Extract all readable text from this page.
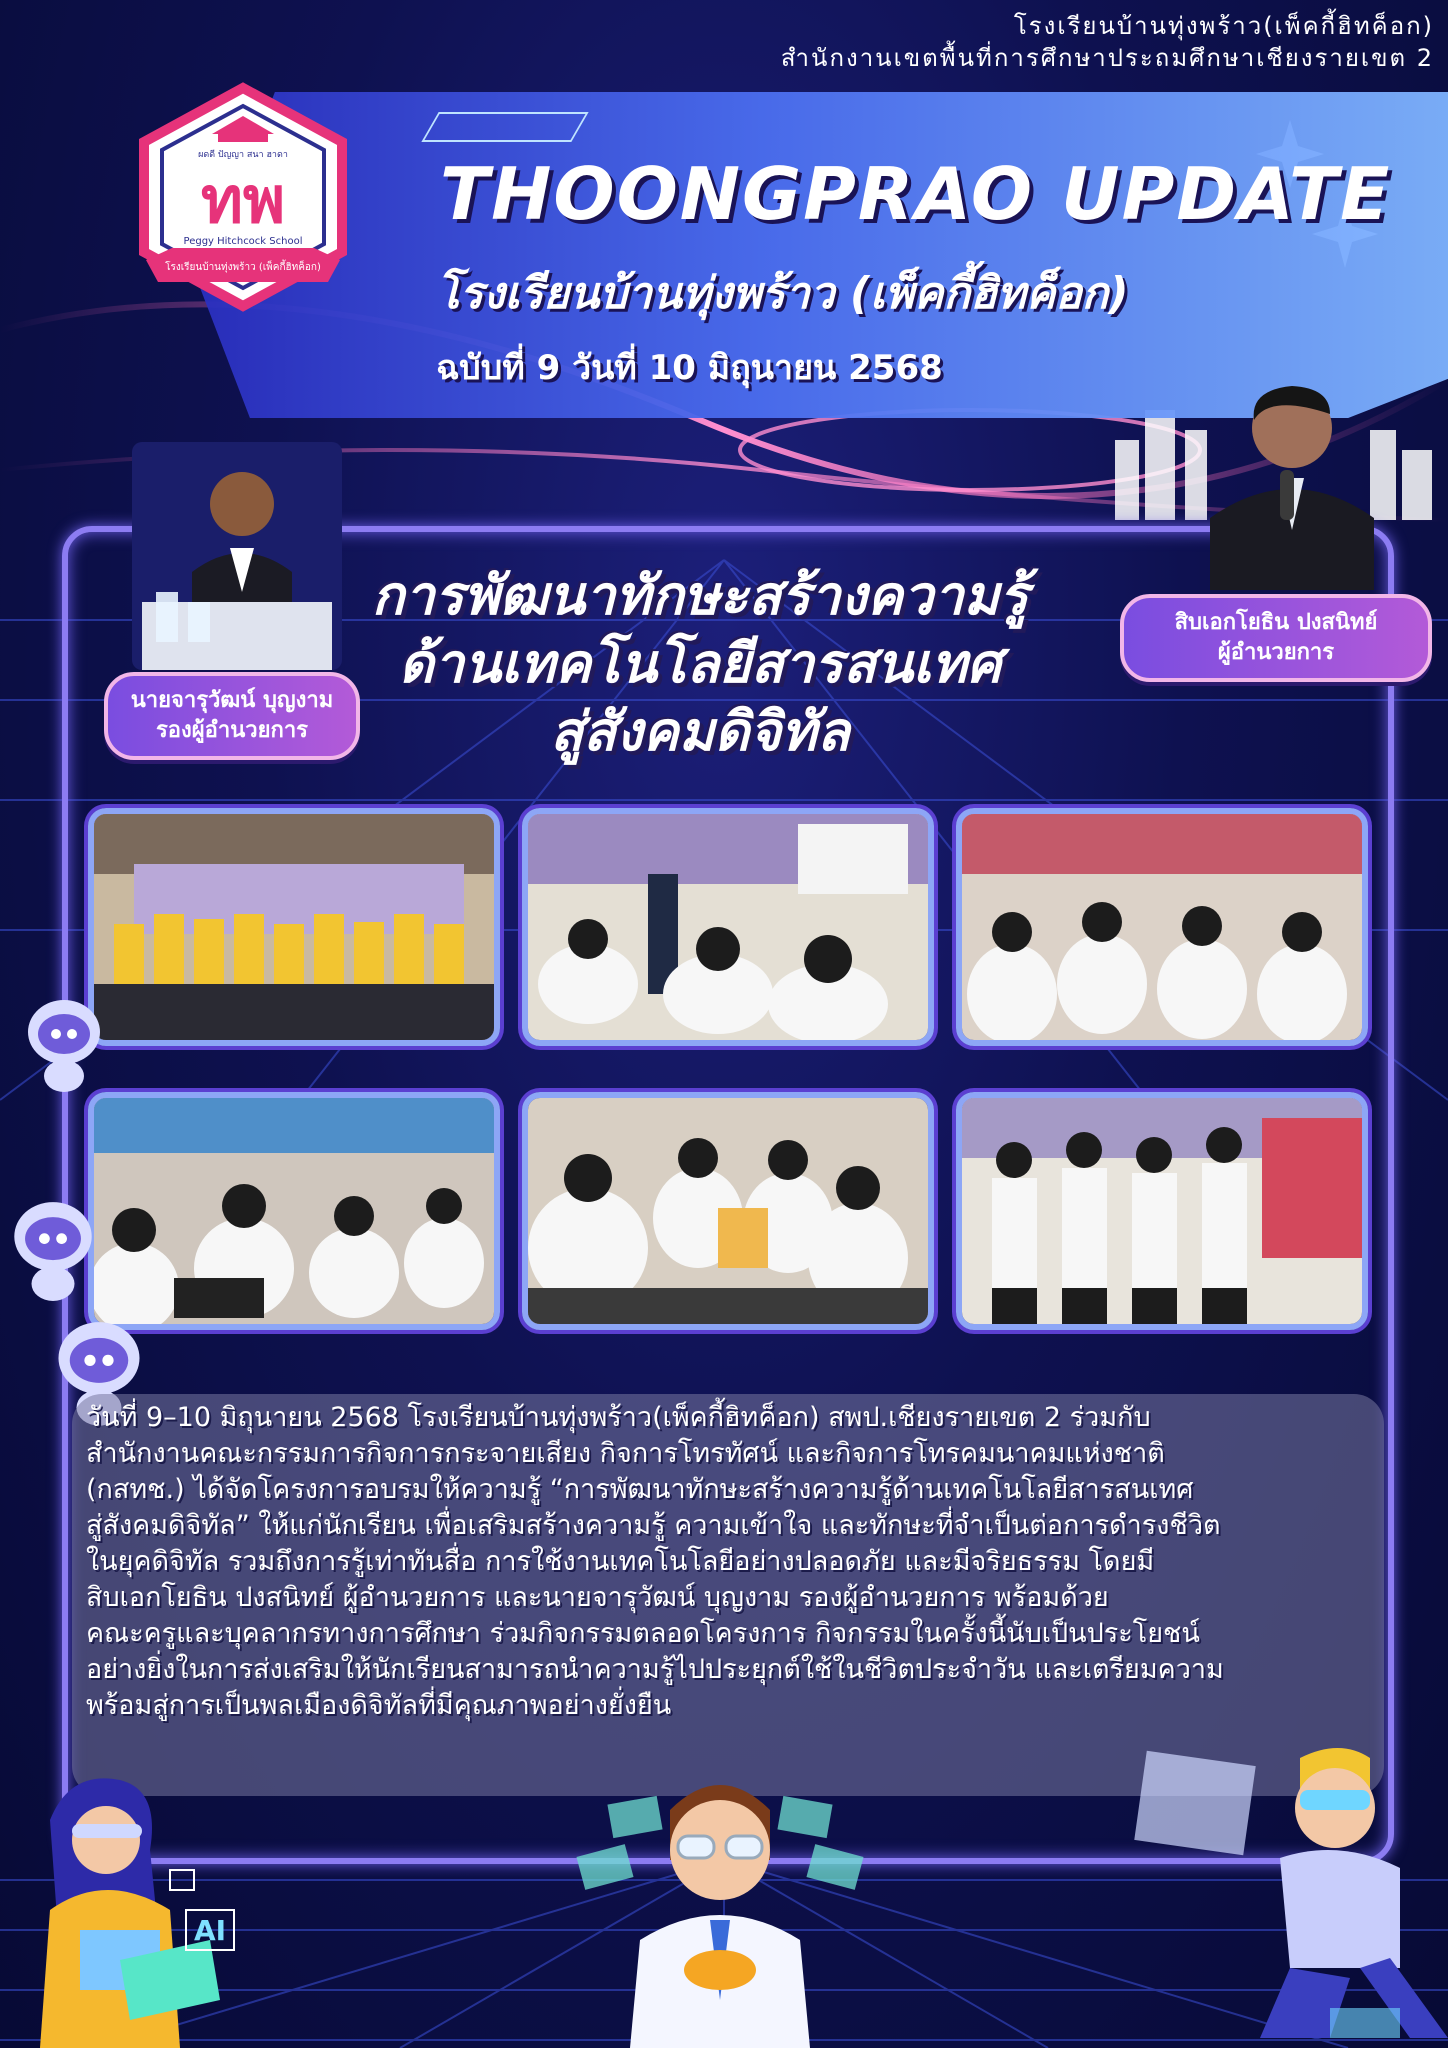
โรงเรียนบ้านทุ่งพร้าว(เพ็คกี้ฮิทค็อก)
สำนักงานเขตพื้นที่การศึกษาประถมศึกษาเชียงรายเขต 2
ผดดี ปัญญา สนา ฮาดา
ทพ
Peggy Hitchcock School
โรงเรียนบ้านทุ่งพร้าว (เพ็คกี้ฮิทค็อก)
THOONGPRAO UPDATE
โรงเรียนบ้านทุ่งพร้าว (เพ็คกี้ฮิทค็อก)
ฉบับที่ 9 วันที่ 10 มิถุนายน 2568
การพัฒนาทักษะสร้างความรู้
ด้านเทคโนโลยีสารสนเทศ
สู่สังคมดิจิทัล
นายจารุวัฒน์ บุญงาม
รองผู้อำนวยการ
สิบเอกโยธิน ปงสนิทย์
ผู้อำนวยการ

วันที่ 9–10 มิถุนายน 2568 โรงเรียนบ้านทุ่งพร้าว(เพ็คกี้ฮิทค็อก) สพป.เชียงรายเขต 2 ร่วมกับ

สำนักงานคณะกรรมการกิจการกระจายเสียง กิจการโทรทัศน์ และกิจการโทรคมนาคมแห่งชาติ

(กสทช.) ได้จัดโครงการอบรมให้ความรู้ “การพัฒนาทักษะสร้างความรู้ด้านเทคโนโลยีสารสนเทศ

สู่สังคมดิจิทัล” ให้แก่นักเรียน เพื่อเสริมสร้างความรู้ ความเข้าใจ และทักษะที่จำเป็นต่อการดำรงชีวิต

ในยุคดิจิทัล รวมถึงการรู้เท่าทันสื่อ การใช้งานเทคโนโลยีอย่างปลอดภัย และมีจริยธรรม โดยมี

สิบเอกโยธิน ปงสนิทย์ ผู้อำนวยการ และนายจารุวัฒน์ บุญงาม รองผู้อำนวยการ พร้อมด้วย

คณะครูและบุคลากรทางการศึกษา ร่วมกิจกรรมตลอดโครงการ กิจกรรมในครั้งนี้นับเป็นประโยชน์

อย่างยิ่งในการส่งเสริมให้นักเรียนสามารถนำความรู้ไปประยุกต์ใช้ในชีวิตประจำวัน และเตรียมความ

พร้อมสู่การเป็นพลเมืองดิจิทัลที่มีคุณภาพอย่างยั่งยืน

AI
